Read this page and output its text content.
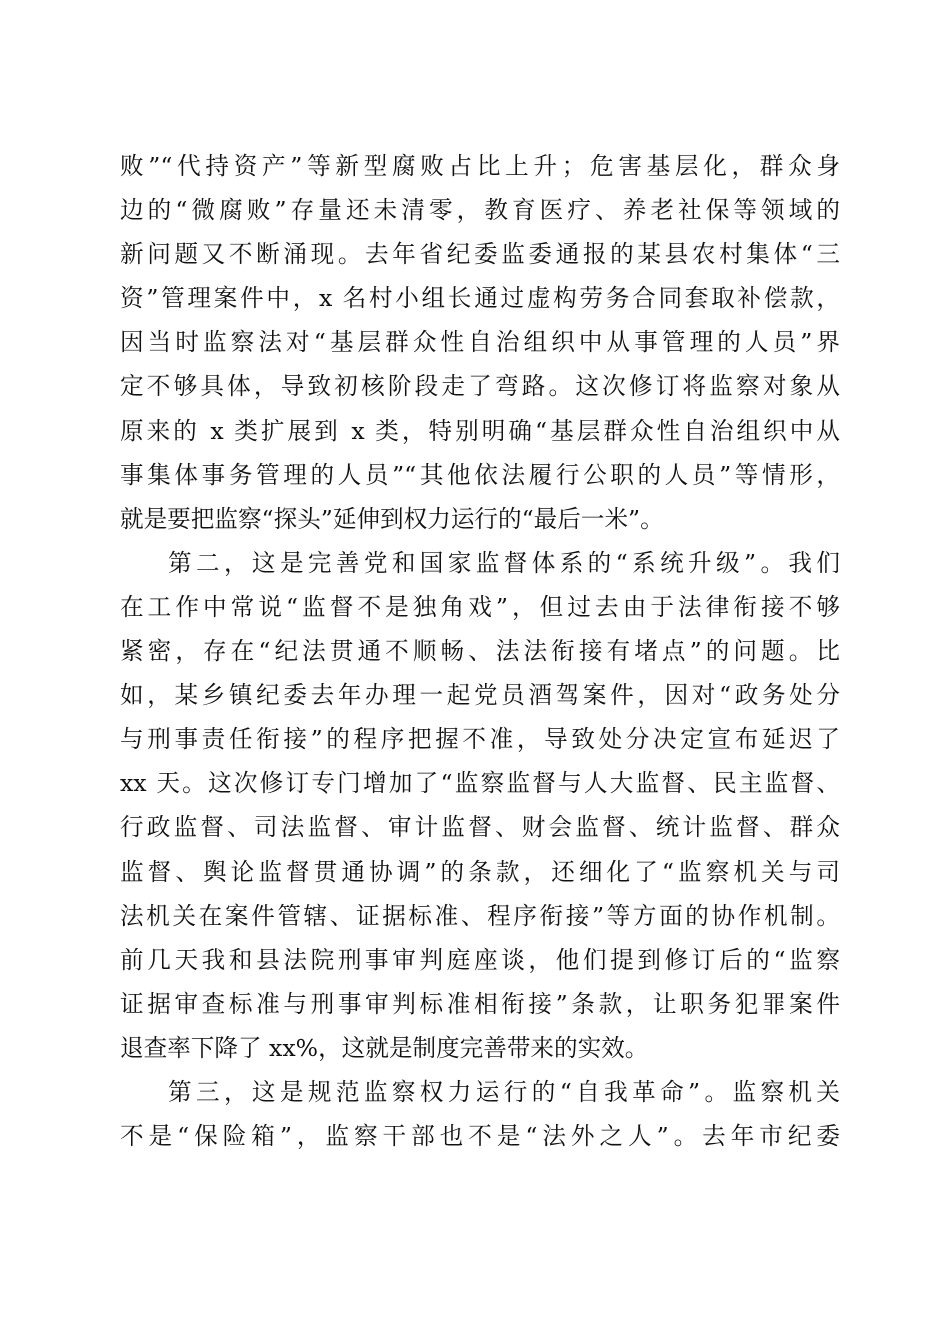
败”“代持资产”等新型腐败占比上升；危害基层化，群众身
边的“微腐败”存量还未清零，教育医疗、养老社保等领域的
新问题又不断涌现。去年省纪委监委通报的某县农村集体“三
资”管理案件中，x 名村小组长通过虚构劳务合同套取补偿款，
因当时监察法对“基层群众性自治组织中从事管理的人员”界
定不够具体，导致初核阶段走了弯路。这次修订将监察对象从
原来的 x 类扩展到 x 类，特别明确“基层群众性自治组织中从
事集体事务管理的人员”“其他依法履行公职的人员”等情形，
就是要把监察“探头”延伸到权力运行的“最后一米”。
第二，这是完善党和国家监督体系的“系统升级”。我们
在工作中常说“监督不是独角戏”，但过去由于法律衔接不够
紧密，存在“纪法贯通不顺畅、法法衔接有堵点”的问题。比
如，某乡镇纪委去年办理一起党员酒驾案件，因对“政务处分
与刑事责任衔接”的程序把握不准，导致处分决定宣布延迟了
xx 天。这次修订专门增加了“监察监督与人大监督、民主监督、
行政监督、司法监督、审计监督、财会监督、统计监督、群众
监督、舆论监督贯通协调”的条款，还细化了“监察机关与司
法机关在案件管辖、证据标准、程序衔接”等方面的协作机制。
前几天我和县法院刑事审判庭座谈，他们提到修订后的“监察
证据审查标准与刑事审判标准相衔接”条款，让职务犯罪案件
退查率下降了 xx%，这就是制度完善带来的实效。
第三，这是规范监察权力运行的“自我革命”。监察机关
不是“保险箱”，监察干部也不是“法外之人”。去年市纪委
